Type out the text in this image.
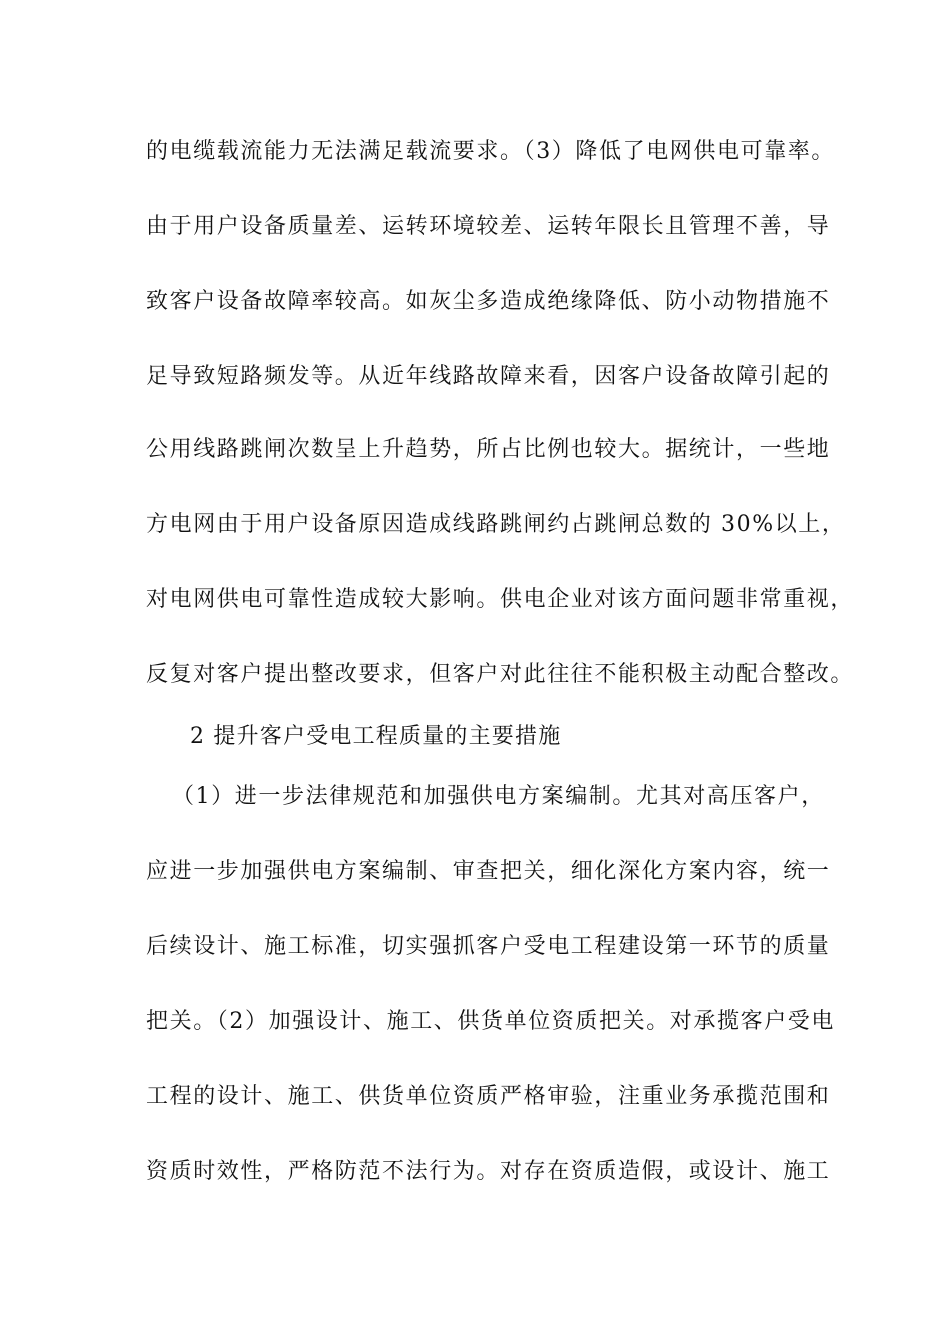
的电缆载流能力无法满足载流要求。（3）降低了电网供电可靠率。
由于用户设备质量差、运转环境较差、运转年限长且管理不善，导
致客户设备故障率较高。如灰尘多造成绝缘降低、防小动物措施不
足导致短路频发等。从近年线路故障来看，因客户设备故障引起的
公用线路跳闸次数呈上升趋势，所占比例也较大。据统计，一些地
方电网由于用户设备原因造成线路跳闸约占跳闸总数的 30%以上，
对电网供电可靠性造成较大影响。供电企业对该方面问题非常重视，
反复对客户提出整改要求，但客户对此往往不能积极主动配合整改。
2 提升客户受电工程质量的主要措施
（1）进一步法律规范和加强供电方案编制。尤其对高压客户，
应进一步加强供电方案编制、审查把关，细化深化方案内容，统一
后续设计、施工标准，切实强抓客户受电工程建设第一环节的质量
把关。（2）加强设计、施工、供货单位资质把关。对承揽客户受电
工程的设计、施工、供货单位资质严格审验，注重业务承揽范围和
资质时效性，严格防范不法行为。对存在资质造假，或设计、施工
